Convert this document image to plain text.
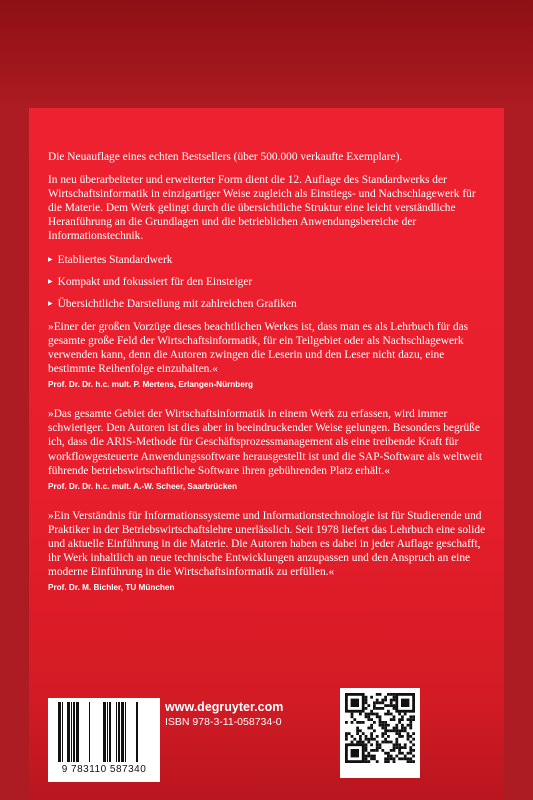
Die Neuauflage eines echten Bestsellers (über 500.000 verkaufte Exemplare).

In neu überarbeiteter und erweiterter Form dient die 12. Auflage des Standardwerks der Wirtschaftsinformatik in einzigartiger Weise zugleich als Einstiegs- und Nachschlagewerk für die Materie. Dem Werk gelingt durch die übersichtliche Struktur eine leicht verständliche Heranführung an die Grundlagen und die betrieblichen Anwendungsbereiche der Informationstechnik.

▶ Etabliertes Standardwerk
▶ Kompakt und fokussiert für den Einsteiger
▶ Übersichtliche Darstellung mit zahlreichen Grafiken

»Einer der großen Vorzüge dieses beachtlichen Werkes ist, dass man es als Lehrbuch für das gesamte große Feld der Wirtschaftsinformatik, für ein Teilgebiet oder als Nachschlagewerk verwenden kann, denn die Autoren zwingen die Leserin und den Leser nicht dazu, eine bestimmte Reihenfolge einzuhalten.«

Prof. Dr. Dr. h.c. mult. P. Mertens, Erlangen-Nürnberg

»Das gesamte Gebiet der Wirtschaftsinformatik in einem Werk zu erfassen, wird immer schwieriger. Den Autoren ist dies aber in beeindruckender Weise gelungen. Besonders begrüße ich, dass die ARIS-Methode für Geschäftsprozessmanagement als eine treibende Kraft für workflowgesteuerte Anwendungssoftware herausgestellt ist und die SAP-Software als weltweit führende betriebswirtschaftliche Software ihren gebührenden Platz erhält.«

Prof. Dr. Dr. h.c. mult. A.-W. Scheer, Saarbrücken

»Ein Verständnis für Informationssysteme und Informationstechnologie ist für Studierende und Praktiker in der Betriebswirtschaftslehre unerlässlich. Seit 1978 liefert das Lehrbuch eine solide und aktuelle Einführung in die Materie. Die Autoren haben es dabei in jeder Auflage geschafft, ihr Werk inhaltlich an neue technische Entwicklungen anzupassen und den Anspruch an eine moderne Einführung in die Wirtschaftsinformatik zu erfüllen.«

Prof. Dr. M. Bichler, TU München

9 783110 587340
www.degruyter.com
ISBN 978-3-11-058734-0
